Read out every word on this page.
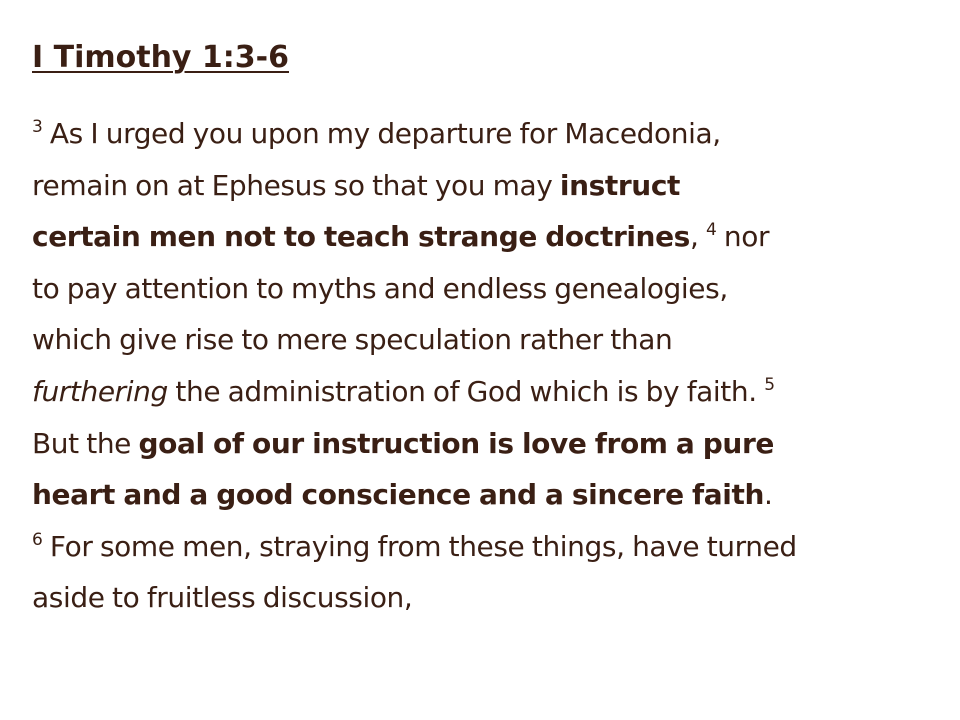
I Timothy 1:3-6
$^3$ As I urged you upon my departure for Macedonia,
remain on at Ephesus so that you may instruct
certain men not to teach strange doctrines, $^4$ nor
to pay attention to myths and endless genealogies,
which give rise to mere speculation rather than
furthering the administration of God which is by faith. $^5$
But the goal of our instruction is love from a pure
heart and a good conscience and a sincere faith.
$^6$ For some men, straying from these things, have turned
aside to fruitless discussion,
